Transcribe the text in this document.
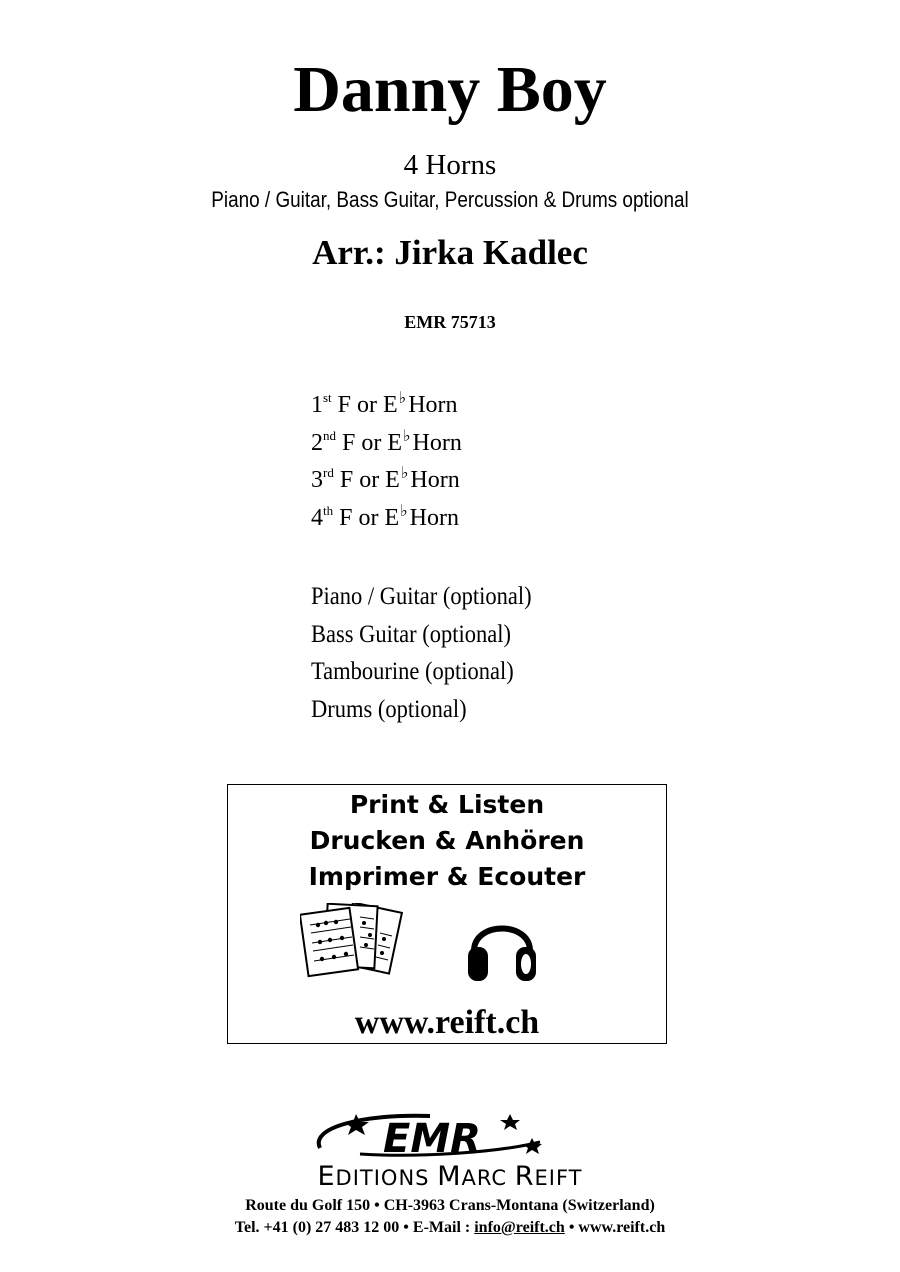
Danny Boy
4 Horns
Piano / Guitar, Bass Guitar, Percussion & Drums optional
Arr.: Jirka Kadlec
EMR 75713
1st F or E♭Horn
2nd F or E♭Horn
3rd F or E♭Horn
4th F or E♭Horn
Piano / Guitar (optional)
Bass Guitar (optional)
Tambourine (optional)
Drums (optional)
Print & Listen
Drucken & Anhören
Imprimer & Ecouter
www.reift.ch
EMR
EDITIONS MARC REIFT
Route du Golf 150 • CH-3963 Crans-Montana (Switzerland)
Tel. +41 (0) 27 483 12 00 • E-Mail : info@reift.ch • www.reift.ch
